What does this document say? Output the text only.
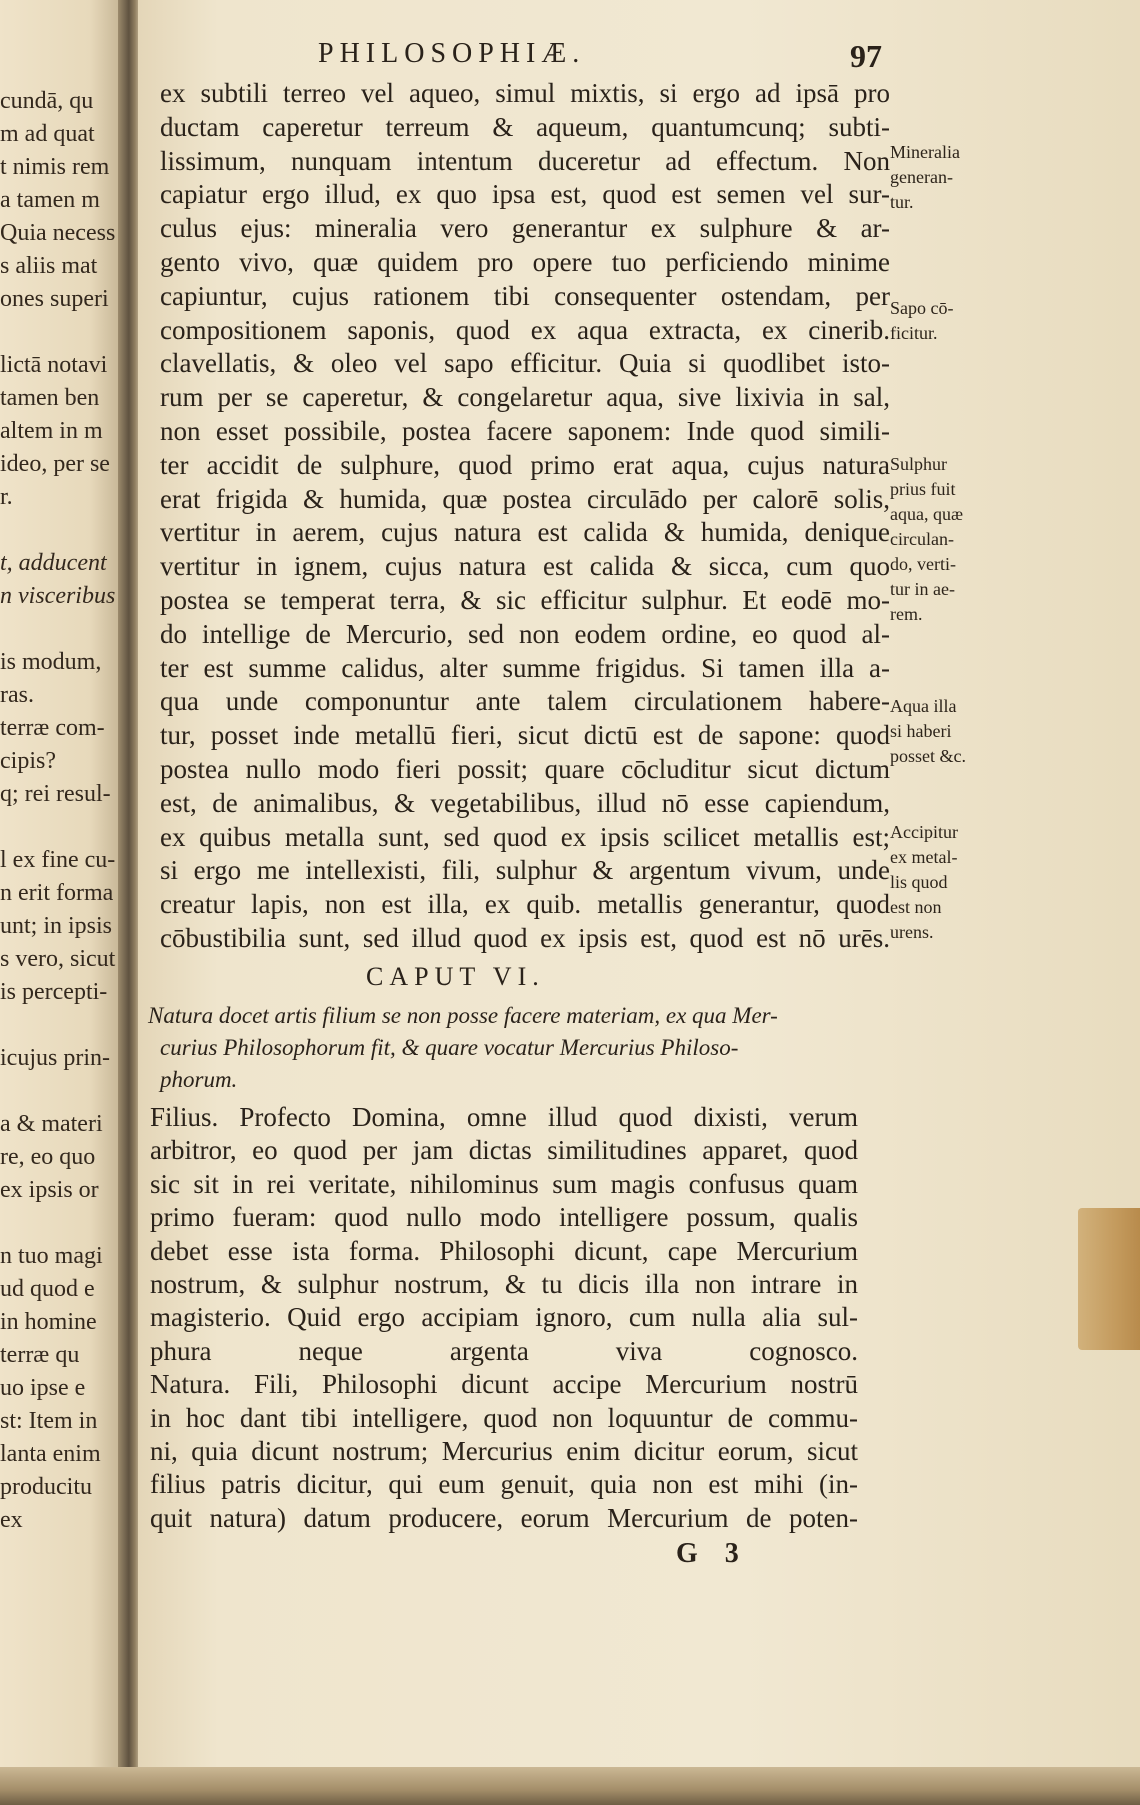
cundā, qu
m ad quat
t nimis rem
a tamen m
Quia necess
s aliis mat
ones superi
lictā notavi
tamen ben
altem in m
ideo, per se
r.
t, adducent
n visceribus
is modum,
ras.
terræ com-
cipis?
q; rei resul-
l ex fine cu-
n erit forma
unt; in ipsis
s vero, sicut
is percepti-
icujus prin-
a & materi
re, eo quo
ex ipsis or
n tuo magi
ud quod e
in homine
terræ qu
uo ipse e
st: Item in
lanta enim
producitu
ex
PHILOSOPHIÆ.	97
ex subtili terreo vel aqueo, simul mixtis, si ergo ad ipsā pro
ductam caperetur terreum & aqueum, quantumcunq; subti-
lissimum, nunquam intentum duceretur ad effectum. Non
capiatur ergo illud, ex quo ipsa est, quod est semen vel sur-
culus ejus: mineralia vero generantur ex sulphure & ar-
gento vivo, quæ quidem pro opere tuo perficiendo minime
capiuntur, cujus rationem tibi consequenter ostendam, per
compositionem saponis, quod ex aqua extracta, ex cinerib.
clavellatis, & oleo vel sapo efficitur. Quia si quodlibet isto-
rum per se caperetur, & congelaretur aqua, sive lixivia in sal,
non esset possibile, postea facere saponem: Inde quod simili-
ter accidit de sulphure, quod primo erat aqua, cujus natura
erat frigida & humida, quæ postea circulādo per calorē solis,
vertitur in aerem, cujus natura est calida & humida, denique
vertitur in ignem, cujus natura est calida & sicca, cum quo
postea se temperat terra, & sic efficitur sulphur. Et eodē mo-
do intellige de Mercurio, sed non eodem ordine, eo quod al-
ter est summe calidus, alter summe frigidus. Si tamen illa a-
qua unde componuntur ante talem circulationem habere-
tur, posset inde metallū fieri, sicut dictū est de sapone: quod
postea nullo modo fieri possit; quare cōcluditur sicut dictum
est, de animalibus, & vegetabilibus, illud nō esse capiendum,
ex quibus metalla sunt, sed quod ex ipsis scilicet metallis est;
si ergo me intellexisti, fili, sulphur & argentum vivum, unde
creatur lapis, non est illa, ex quib. metallis generantur, quod
cōbustibilia sunt, sed illud quod ex ipsis est, quod est nō urēs.
CAPUT VI.
Natura docet artis filium se non posse facere materiam, ex qua Mer-
curius Philosophorum fit, & quare vocatur Mercurius Philoso-
phorum.
Filius. Profecto Domina, omne illud quod dixisti, verum
arbitror, eo quod per jam dictas similitudines apparet, quod
sic sit in rei veritate, nihilominus sum magis confusus quam
primo fueram: quod nullo modo intelligere possum, qualis
debet esse ista forma. Philosophi dicunt, cape Mercurium
nostrum, & sulphur nostrum, & tu dicis illa non intrare in
magisterio. Quid ergo accipiam ignoro, cum nulla alia sul-
phura neque argenta viva cognosco.
Natura. Fili, Philosophi dicunt accipe Mercurium nostrū
in hoc dant tibi intelligere, quod non loquuntur de commu-
ni, quia dicunt nostrum; Mercurius enim dicitur eorum, sicut
filius patris dicitur, qui eum genuit, quia non est mihi (in-
quit natura) datum producere, eorum Mercurium de poten-
Mineralia
generan-
tur.
Sapo cō-
ficitur.
Sulphur
prius fuit
aqua, quæ
circulan-
do, verti-
tur in ae-
rem.
Aqua illa
si haberi
posset &c.
Accipitur
ex metal-
lis quod
est non
urens.
G 3
